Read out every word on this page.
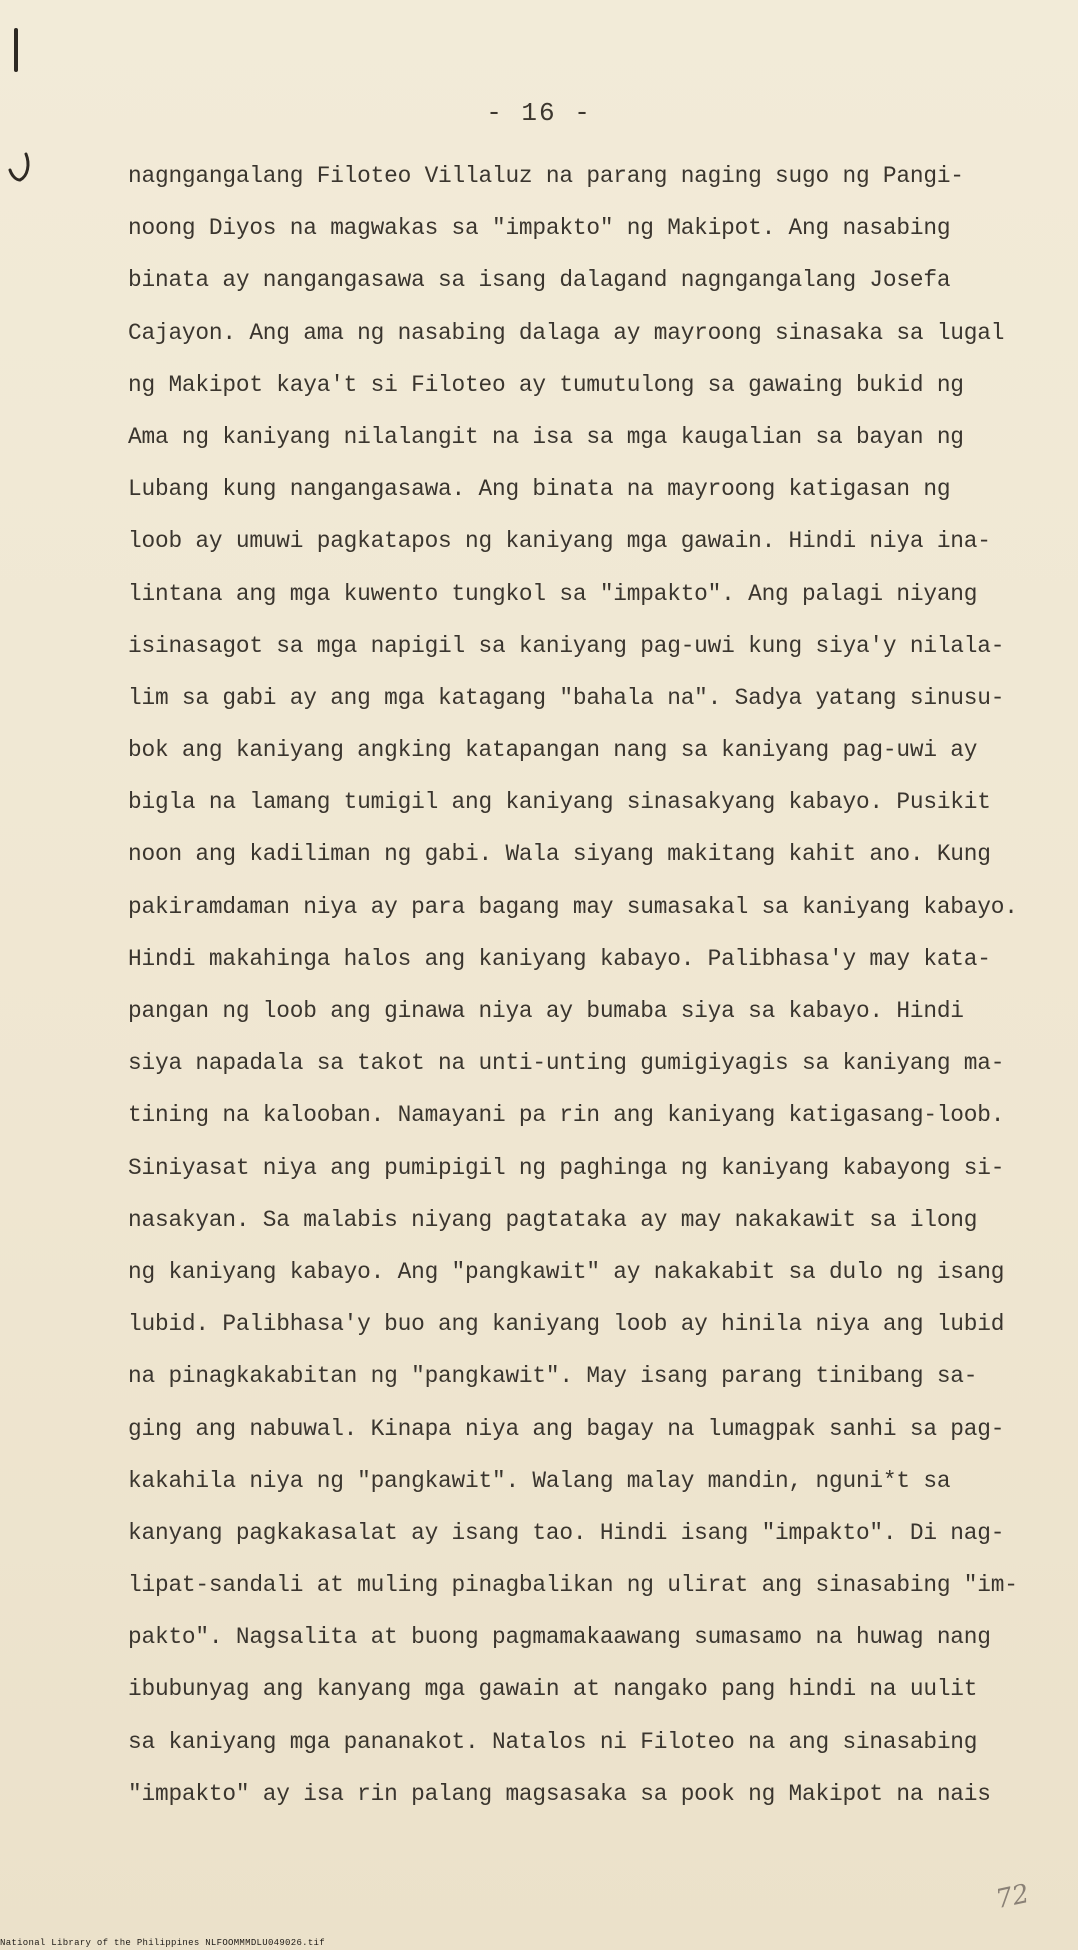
- 16 -
nagngangalang Filoteo Villaluz na parang naging sugo ng Pangi-
noong Diyos na magwakas sa "impakto" ng Makipot. Ang nasabing
binata ay nangangasawa sa isang dalagand nagngangalang Josefa
Cajayon. Ang ama ng nasabing dalaga ay mayroong sinasaka sa lugal
ng Makipot kaya't si Filoteo ay tumutulong sa gawaing bukid ng
Ama ng kaniyang nilalangit na isa sa mga kaugalian sa bayan ng
Lubang kung nangangasawa. Ang binata na mayroong katigasan ng
loob ay umuwi pagkatapos ng kaniyang mga gawain. Hindi niya ina-
lintana ang mga kuwento tungkol sa "impakto". Ang palagi niyang
isinasagot sa mga napigil sa kaniyang pag-uwi kung siya'y nilala-
lim sa gabi ay ang mga katagang "bahala na". Sadya yatang sinusu-
bok ang kaniyang angking katapangan nang sa kaniyang pag-uwi ay
bigla na lamang tumigil ang kaniyang sinasakyang kabayo. Pusikit
noon ang kadiliman ng gabi. Wala siyang makitang kahit ano. Kung
pakiramdaman niya ay para bagang may sumasakal sa kaniyang kabayo.
Hindi makahinga halos ang kaniyang kabayo. Palibhasa'y may kata-
pangan ng loob ang ginawa niya ay bumaba siya sa kabayo. Hindi
siya napadala sa takot na unti-unting gumigiyagis sa kaniyang ma-
tining na kalooban. Namayani pa rin ang kaniyang katigasang-loob.
Siniyasat niya ang pumipigil ng paghinga ng kaniyang kabayong si-
nasakyan. Sa malabis niyang pagtataka ay may nakakawit sa ilong
ng kaniyang kabayo. Ang "pangkawit" ay nakakabit sa dulo ng isang
lubid. Palibhasa'y buo ang kaniyang loob ay hinila niya ang lubid
na pinagkakabitan ng "pangkawit". May isang parang tinibang sa-
ging ang nabuwal. Kinapa niya ang bagay na lumagpak sanhi sa pag-
kakahila niya ng "pangkawit". Walang malay mandin, nguni*t sa
kanyang pagkakasalat ay isang tao. Hindi isang "impakto". Di nag-
lipat-sandali at muling pinagbalikan ng ulirat ang sinasabing "im-
pakto". Nagsalita at buong pagmamakaawang sumasamo na huwag nang
ibubunyag ang kanyang mga gawain at nangako pang hindi na uulit
sa kaniyang mga pananakot. Natalos ni Filoteo na ang sinasabing
"impakto" ay isa rin palang magsasaka sa pook ng Makipot na nais
72
National Library of the Philippines NLFOOMMMDLU049026.tif
